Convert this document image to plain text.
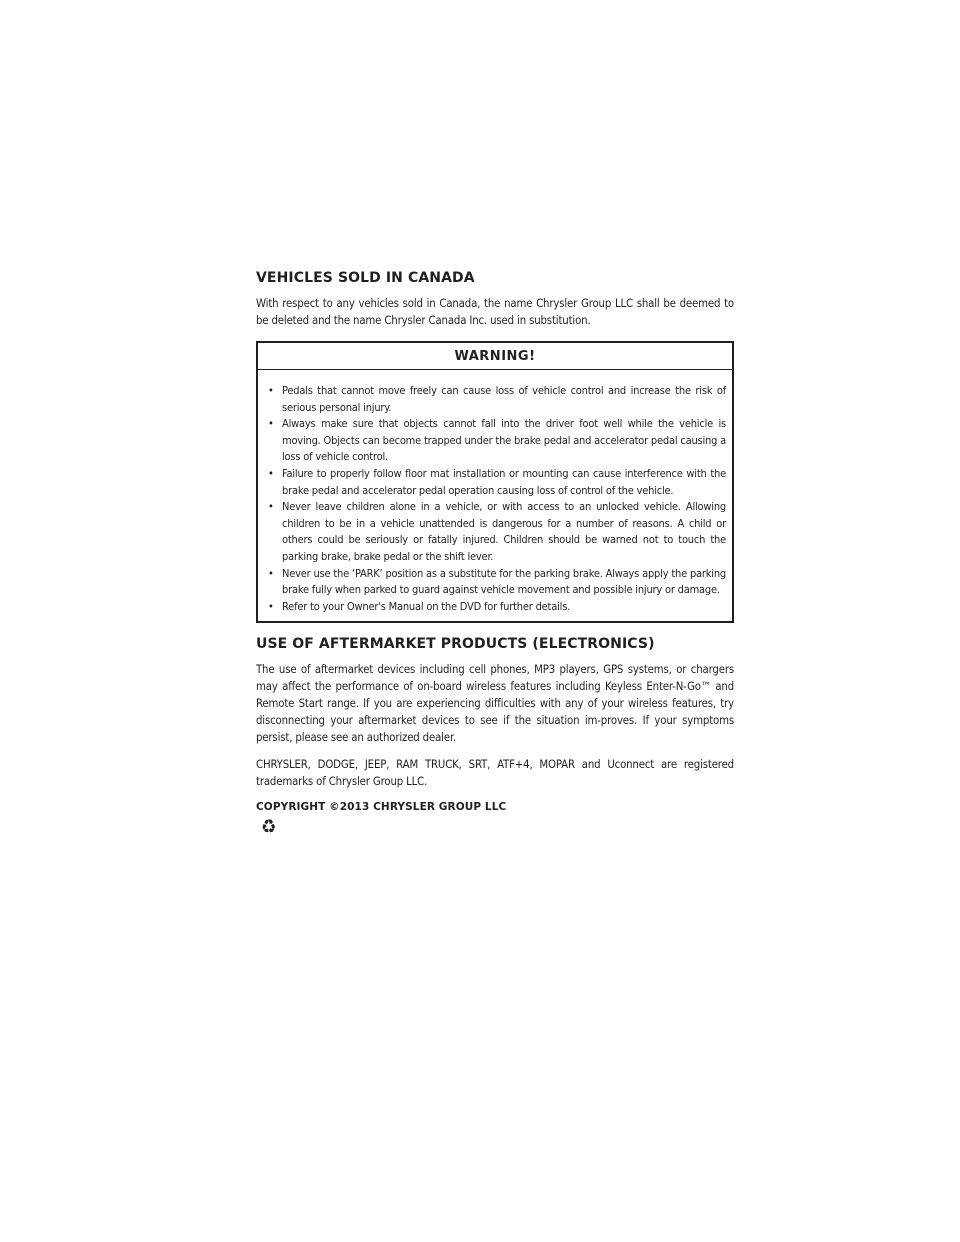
VEHICLES SOLD IN CANADA

With respect to any vehicles sold in Canada, the name Chrysler Group LLC shall be deemed to be deleted and the name Chrysler Canada Inc. used in substitution.

WARNING!
• Pedals that cannot move freely can cause loss of vehicle control and increase the risk of serious personal injury.
• Always make sure that objects cannot fall into the driver foot well while the vehicle is moving. Objects can become trapped under the brake pedal and accelerator pedal causing a loss of vehicle control.
• Failure to properly follow floor mat installation or mounting can cause interference with the brake pedal and accelerator pedal operation causing loss of control of the vehicle.
• Never leave children alone in a vehicle, or with access to an unlocked vehicle. Allowing children to be in a vehicle unattended is dangerous for a number of reasons. A child or others could be seriously or fatally injured. Children should be warned not to touch the parking brake, brake pedal or the shift lever.
• Never use the ‘PARK’ position as a substitute for the parking brake. Always apply the parking brake fully when parked to guard against vehicle movement and possible injury or damage.
• Refer to your Owner's Manual on the DVD for further details.
USE OF AFTERMARKET PRODUCTS (ELECTRONICS)

The use of aftermarket devices including cell phones, MP3 players, GPS systems, or chargers may affect the performance of on-board wireless features including Keyless Enter-N-Go™ and Remote Start range. If you are experiencing difficulties with any of your wireless features, try disconnecting your aftermarket devices to see if the situation im-proves. If your symptoms persist, please see an authorized dealer.

CHRYSLER, DODGE, JEEP, RAM TRUCK, SRT, ATF+4, MOPAR and Uconnect are registered trademarks of Chrysler Group LLC.

COPYRIGHT ©2013 CHRYSLER GROUP LLC
♻
